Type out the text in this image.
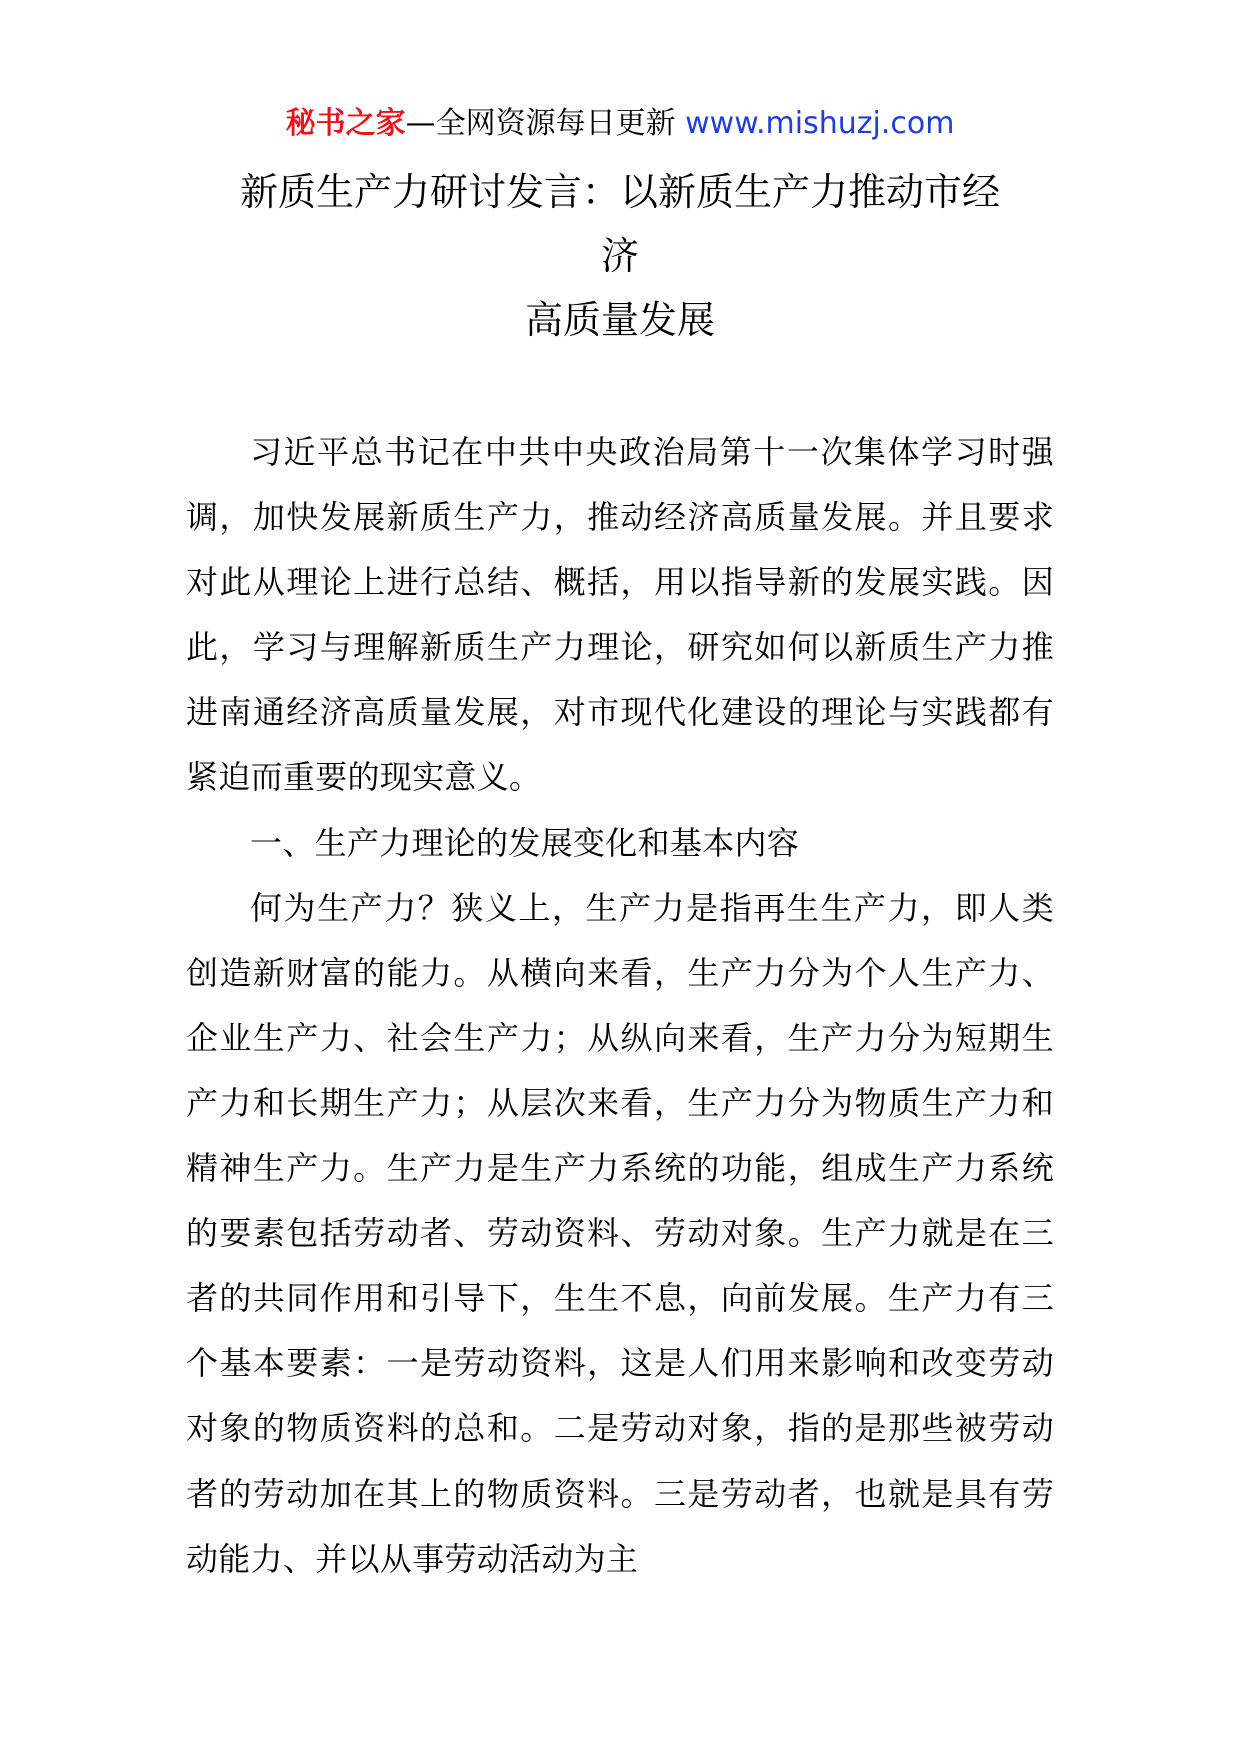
秘书之家—全网资源每日更新 www.mishuzj.com
新质生产力研讨发言：以新质生产力推动市经
济
高质量发展

习近平总书记在中共中央政治局第十一次集体学习时强调，加快发展新质生产力，推动经济高质量发展。并且要求对此从理论上进行总结、概括，用以指导新的发展实践。因此，学习与理解新质生产力理论，研究如何以新质生产力推进南通经济高质量发展，对市现代化建设的理论与实践都有紧迫而重要的现实意义。

一、生产力理论的发展变化和基本内容

何为生产力？狭义上，生产力是指再生生产力，即人类创造新财富的能力。从横向来看，生产力分为个人生产力、企业生产力、社会生产力；从纵向来看，生产力分为短期生产力和长期生产力；从层次来看，生产力分为物质生产力和精神生产力。生产力是生产力系统的功能，组成生产力系统的要素包括劳动者、劳动资料、劳动对象。生产力就是在三者的共同作用和引导下，生生不息，向前发展。生产力有三个基本要素：一是劳动资料，这是人们用来影响和改变劳动对象的物质资料的总和。二是劳动对象，指的是那些被劳动者的劳动加在其上的物质资料。三是劳动者，也就是具有劳动能力、并以从事劳动活动为主
